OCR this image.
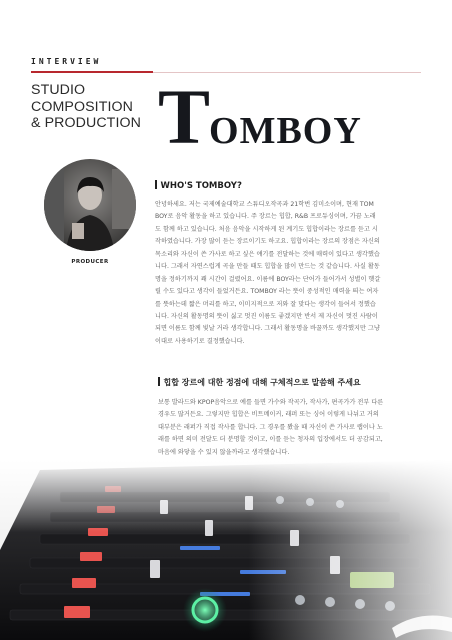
INTERVIEW
STUDIO
COMPOSITION
& PRODUCTION TOMBOY
PRODUCER
WHO'S TOMBOY?
안녕하세요. 저는 국제예술대학교 스튜디오작곡과 21학번 김미소이며, 현재 TOM
BOY로 음악 활동을 하고 있습니다. 주 장르는 힙합, R&B 프로듀싱이며, 가끔 노래
도 함께 하고 있습니다. 처음 음악을 시작하게 된 계기도 힙합이라는 장르를 듣고 시
작하였습니다. 가장 많이 듣는 장르이기도 하고요. 힙합이라는 장르의 장점은 자신의
목소리와 자신이 쓴 가사로 하고 싶은 얘기를 전달하는 것에 매력이 있다고 생각했습
니다. 그래서 자연스럽게 곡을 만들 때도 힙합을 많이 만드는 것 같습니다. 사실 활동
명을 정하기까지 꽤 시간이 걸렸어요. 이름에 BOY라는 단어가 들어가서 성별이 헷갈
릴 수도 있다고 생각이 들었거든요. TOMBOY 라는 뜻이 중성적인 매력을 띄는 여자
를 뜻하는데 짧은 머리를 하고, 이미지적으로 저와 잘 맞다는 생각이 들어서 정했습
니다. 자신의 활동명의 뜻이 싫고 멋진 이름도 좋겠지만 반서 제 자신이 멋진 사람이
되면 이름도 함께 빛날 거라 생각합니다. 그래서 활동명을 바꿀까도 생각했지만 그냥
이대로 사용하기로 결정했습니다.
힙합 장르에 대한 정점에 대해 구체적으로 말씀해 주세요
보통 발라드와 KPOP음악으로 예를 들면 가수와 작곡가, 작사가, 편곡가가 전부 다른
경우도 많거든요. 그렇지만 힙합은 비트메이커, 래퍼 또는 싱어 이렇게 나뉘고 거의
대부분은 래퍼가 직접 작사를 합니다. 그 경우를 봤을 때 자신이 쓴 가사로 랩이나 노
래를 하면 의미 전달도 더 분명할 것이고, 이를 듣는 청자의 입장에서도 더 공감되고,
마음에 와닿을 수 있지 않을까라고 생각했습니다.
